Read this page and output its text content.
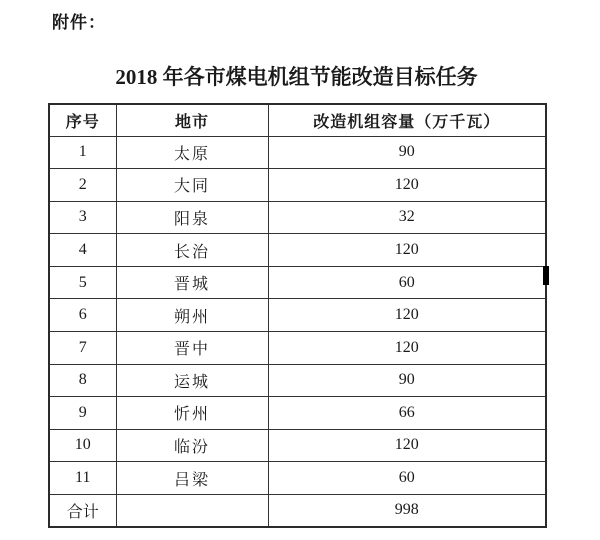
附件：
2018 年各市煤电机组节能改造目标任务
序号	地市	改造机组容量（万千瓦）
1	太原	90
2	大同	120
3	阳泉	32
4	长治	120
5	晋城	60
6	朔州	120
7	晋中	120
8	运城	90
9	忻州	66
10	临汾	120
11	吕梁	60
合计		998
